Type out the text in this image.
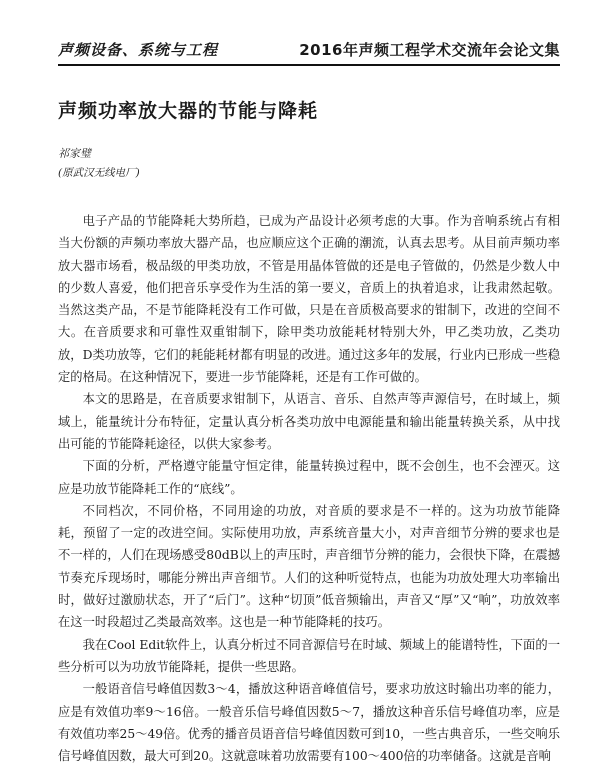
声频设备、系统与工程	2016年声频工程学术交流年会论文集
声频功率放大器的节能与降耗
祁家璧
(原武汉无线电厂)

电子产品的节能降耗大势所趋，已成为产品设计必须考虑的大事。作为音响系统占有相当大份额的声频功率放大器产品，也应顺应这个正确的潮流，认真去思考。从目前声频功率放大器市场看，极品级的甲类功放，不管是用晶体管做的还是电子管做的，仍然是少数人中的少数人喜爱，他们把音乐享受作为生活的第一要义，音质上的执着追求，让我肃然起敬。当然这类产品，不是节能降耗没有工作可做，只是在音质极高要求的钳制下，改进的空间不大。在音质要求和可靠性双重钳制下，除甲类功放能耗材特别大外，甲乙类功放，乙类功放，D类功放等，它们的耗能耗材都有明显的改进。通过这多年的发展，行业内已形成一些稳定的格局。在这种情况下，要进一步节能降耗，还是有工作可做的。

本文的思路是，在音质要求钳制下，从语言、音乐、自然声等声源信号，在时域上，频域上，能量统计分布特征，定量认真分析各类功放中电源能量和输出能量转换关系，从中找出可能的节能降耗途径，以供大家参考。

下面的分析，严格遵守能量守恒定律，能量转换过程中，既不会创生，也不会湮灭。这应是功放节能降耗工作的“底线”。

不同档次，不同价格，不同用途的功放，对音质的要求是不一样的。这为功放节能降耗，预留了一定的改进空间。实际使用功放，声系统音量大小，对声音细节分辨的要求也是不一样的，人们在现场感受80dB以上的声压时，声音细节分辨的能力，会很快下降，在震撼节奏充斥现场时，哪能分辨出声音细节。人们的这种听觉特点，也能为功放处理大功率输出时，做好过激励状态，开了“后门”。这种“切顶”低音频输出，声音又“厚”又“响”，功放效率在这一时段超过乙类最高效率。这也是一种节能降耗的技巧。

我在Cool Edit软件上，认真分析过不同音源信号在时域、频域上的能谱特性，下面的一些分析可以为功放节能降耗，提供一些思路。

一般语音信号峰值因数3～4，播放这种语音峰值信号，要求功放这时输出功率的能力，应是有效值功率9～16倍。一般音乐信号峰值因数5～7，播放这种音乐信号峰值功率，应是有效值功率25～49倍。优秀的播音员语音信号峰值因数可到10，一些古典音乐，一些交响乐信号峰值因数，最大可到20。这就意味着功放需要有100～400倍的功率储备。这就是音响
